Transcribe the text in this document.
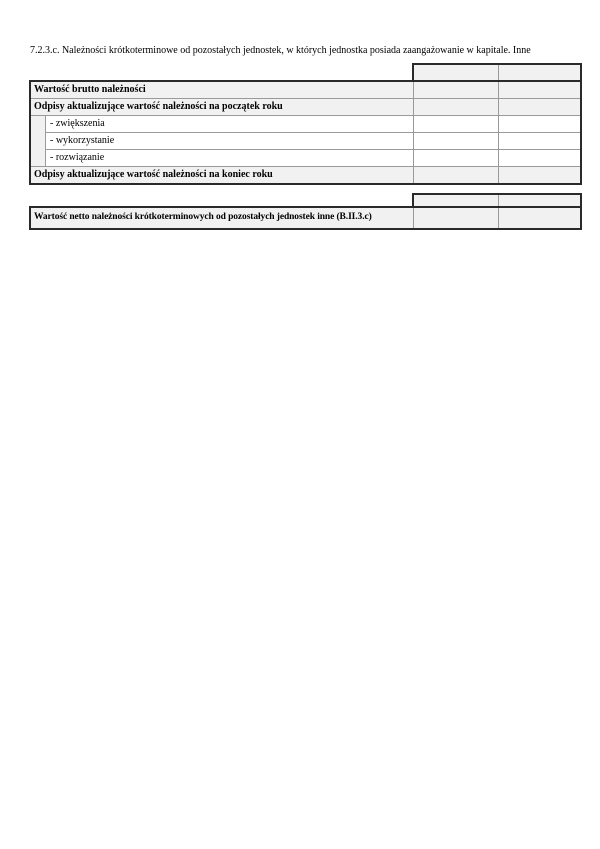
7.2.3.c. Należności krótkoterminowe od pozostałych jednostek, w których jednostka posiada zaangażowanie w kapitale. Inne
Wartość brutto należności
Odpisy aktualizujące wartość należności na początek roku
- zwiększenia
- wykorzystanie
- rozwiązanie
Odpisy aktualizujące wartość należności na koniec roku
Wartość netto należności krótkoterminowych od pozostałych jednostek inne (B.II.3.c)
